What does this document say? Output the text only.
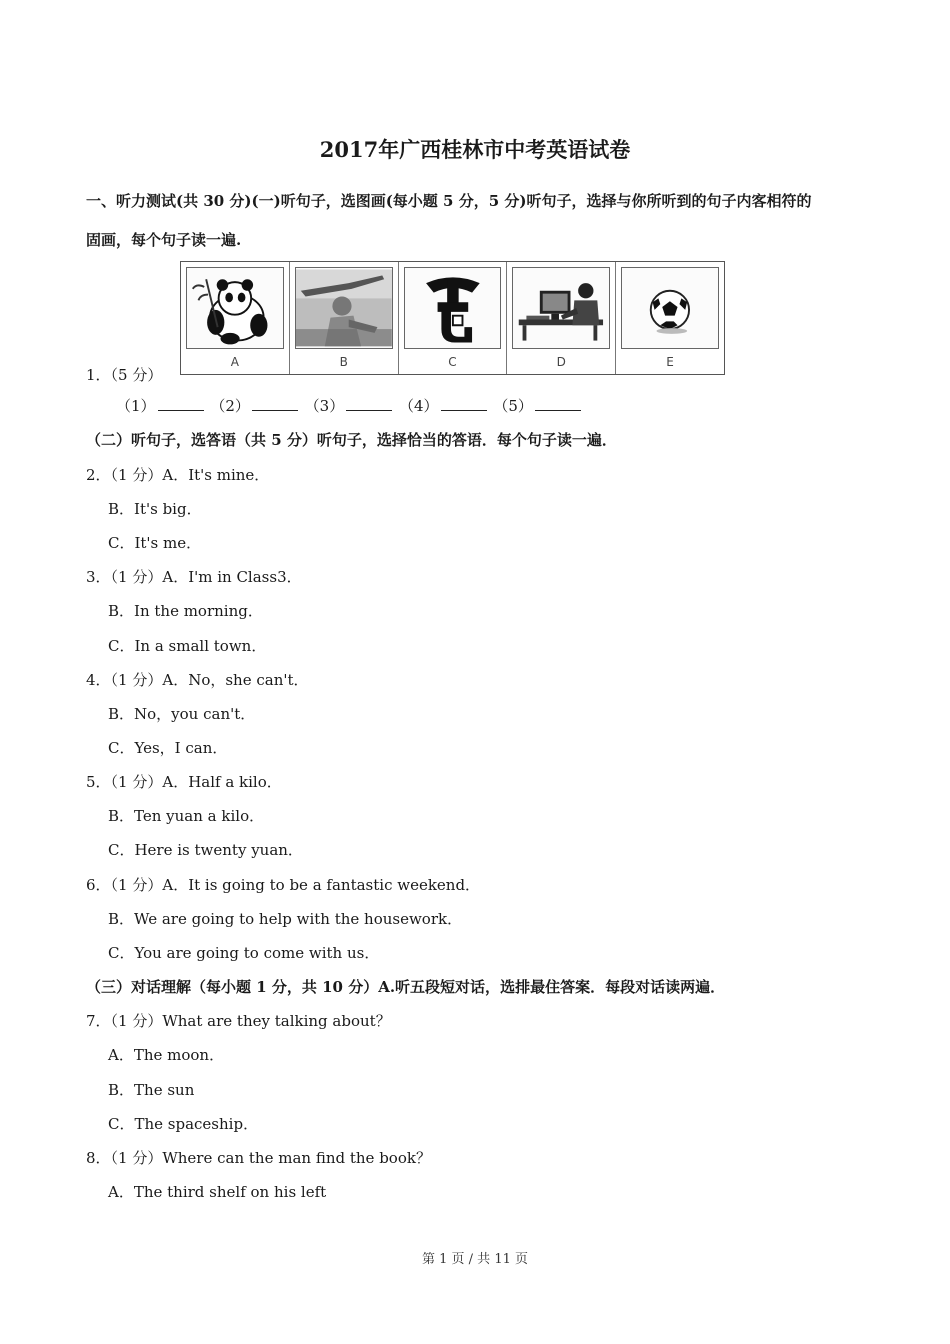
2017年广西桂林市中考英语试卷
一、听力测试(共 30 分)(一)听句子，选图画(每小题 5 分，5 分)听句子，选择与你所听到的句子内客相符的
固画，每个句子读一遍.
A	B	C	D	E
1．（5 分）
（1）	（2）	（3）	（4）	（5）
（二）听句子，选答语（共 5 分）听句子，选择恰当的答语．每个句子读一遍．
2．（1 分）A．It's mine．
B．It's big．
C．It's me．
3．（1 分）A．I'm in Class3．
B．In the morning．
C．In a small town．
4．（1 分）A．No，she can't．
B．No，you can't．
C．Yes，I can．
5．（1 分）A．Half a kilo．
B．Ten yuan a kilo．
C．Here is twenty yuan．
6．（1 分）A．It is going to be a fantastic weekend．
B．We are going to help with the housework．
C．You are going to come with us．
（三）对话理解（每小题 1 分，共 10 分）A.听五段短对话，选排最住答案．每段对话读两遍．
7．（1 分）What are they talking about？
A．The moon．
B．The sun
C．The spaceship．
8．（1 分）Where can the man find the book？
A．The third shelf on his left
第 1 页 / 共 11 页
